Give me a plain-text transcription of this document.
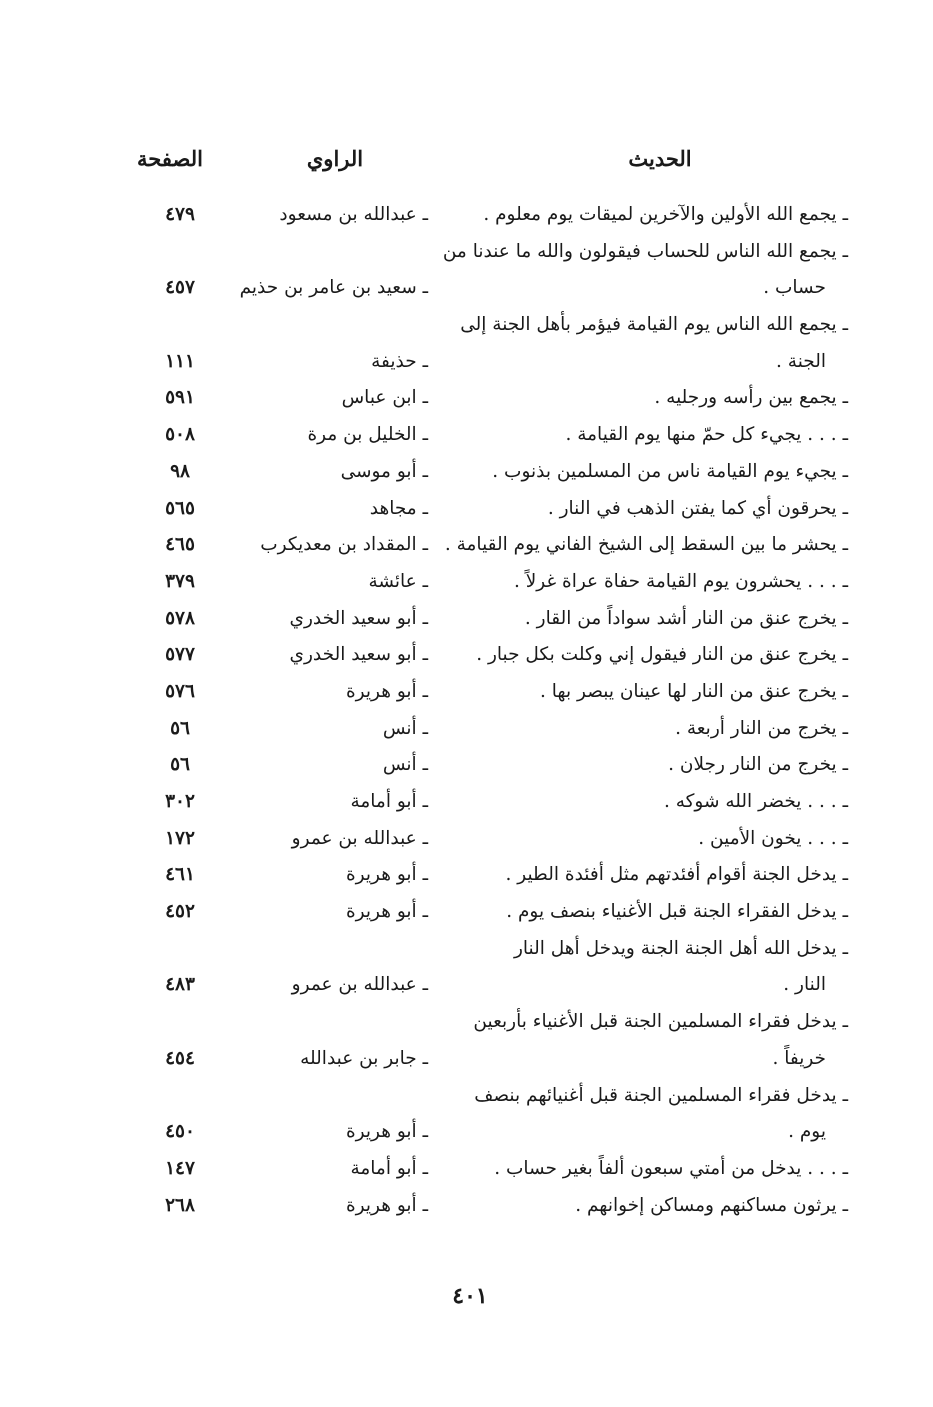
الحديث
الراوي
الصفحة
ـ يجمع الله الأولين والآخرين لميقات يوم معلوم .
ـ عبدالله بن مسعود
٤٧٩
ـ يجمع الله الناس للحساب فيقولون والله ما عندنا من
حساب .
ـ سعيد بن عامر بن حذيم
٤٥٧
ـ يجمع الله الناس يوم القيامة فيؤمر بأهل الجنة إلى
الجنة .
ـ حذيفة
١١١
ـ يجمع بين رأسه ورجليه .
ـ ابن عباس
٥٩١
ـ . . . يجيء كل حمّ منها يوم القيامة .
ـ الخليل بن مرة
٥٠٨
ـ يجيء يوم القيامة ناس من المسلمين بذنوب .
ـ أبو موسى
٩٨
ـ يحرقون أي كما يفتن الذهب في النار .
ـ مجاهد
٥٦٥
ـ يحشر ما بين السقط إلى الشيخ الفاني يوم القيامة .
ـ المقداد بن معديكرب
٤٦٥
ـ . . . يحشرون يوم القيامة حفاة عراة غرلاً .
ـ عائشة
٣٧٩
ـ يخرج عنق من النار أشد سواداً من القار .
ـ أبو سعيد الخدري
٥٧٨
ـ يخرج عنق من النار فيقول إني وكلت بكل جبار .
ـ أبو سعيد الخدري
٥٧٧
ـ يخرج عنق من النار لها عينان يبصر بها .
ـ أبو هريرة
٥٧٦
ـ يخرج من النار أربعة .
ـ أنس
٥٦
ـ يخرج من النار رجلان .
ـ أنس
٥٦
ـ . . . يخضر الله شوكه .
ـ أبو أمامة
٣٠٢
ـ . . . يخون الأمين .
ـ عبدالله بن عمرو
١٧٢
ـ يدخل الجنة أقوام أفئدتهم مثل أفئدة الطير .
ـ أبو هريرة
٤٦١
ـ يدخل الفقراء الجنة قبل الأغنياء بنصف يوم .
ـ أبو هريرة
٤٥٢
ـ يدخل الله أهل الجنة الجنة ويدخل أهل النار
النار .
ـ عبدالله بن عمرو
٤٨٣
ـ يدخل فقراء المسلمين الجنة قبل الأغنياء بأربعين
خريفاً .
ـ جابر بن عبدالله
٤٥٤
ـ يدخل فقراء المسلمين الجنة قبل أغنيائهم بنصف
يوم .
ـ أبو هريرة
٤٥٠
ـ . . . يدخل من أمتي سبعون ألفاً بغير حساب .
ـ أبو أمامة
١٤٧
ـ يرثون مساكنهم ومساكن إخوانهم .
ـ أبو هريرة
٢٦٨
٤٠١
